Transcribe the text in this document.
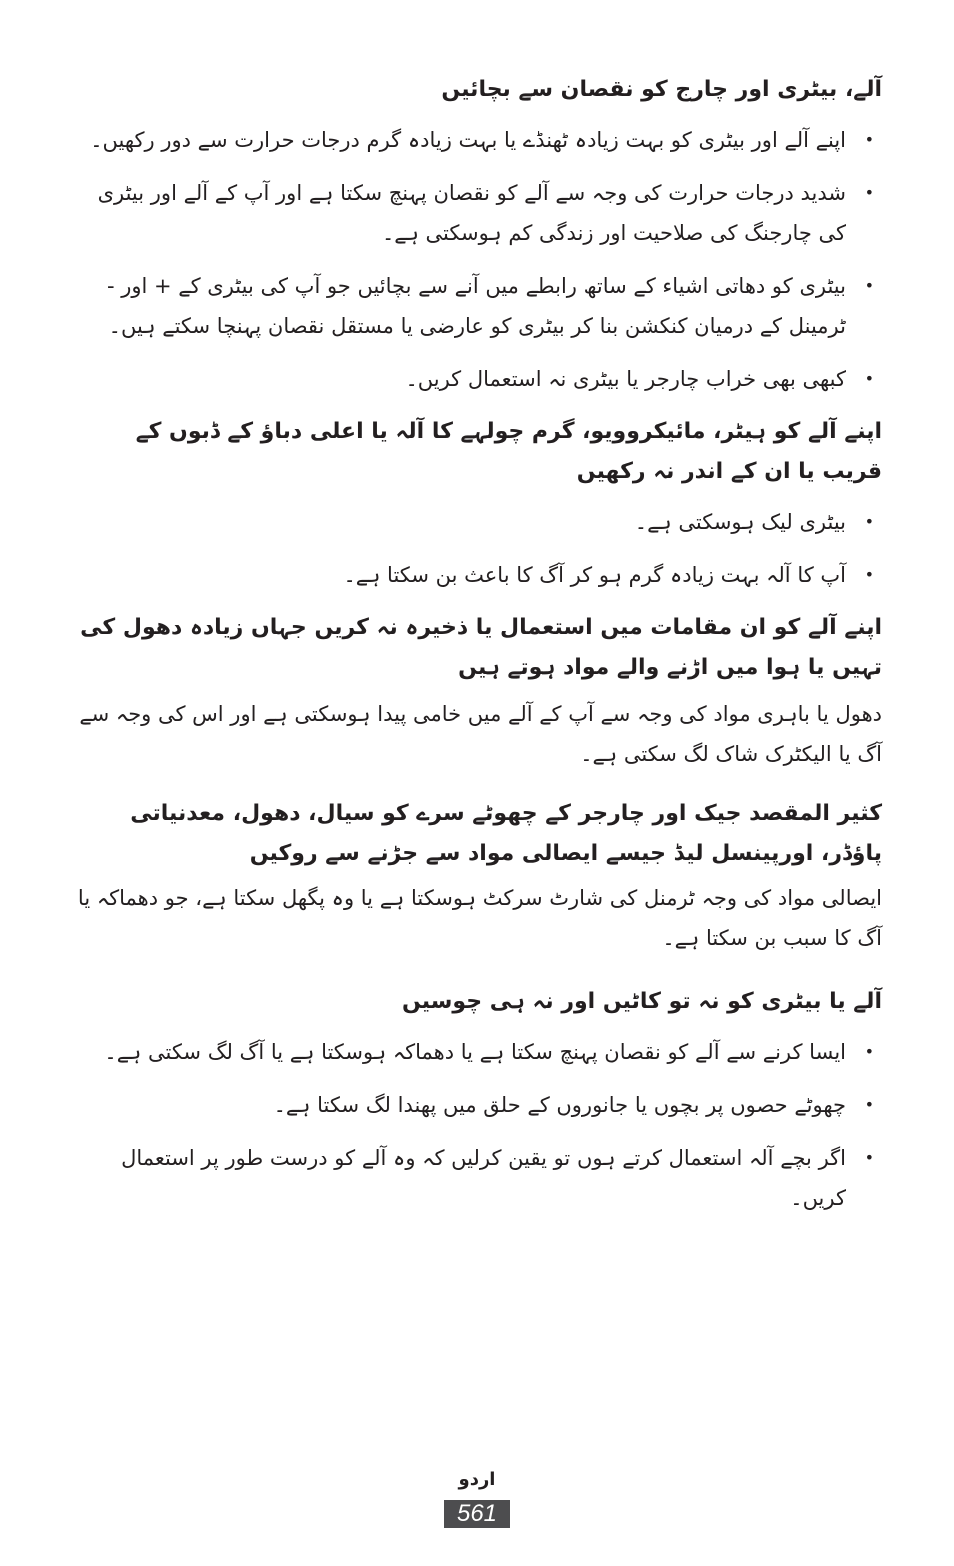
آلے، بیٹری اور چارج کو نقصان سے بچائیں
•
اپنے آلے اور بیٹری کو بہت زیادہ ٹھنڈے یا بہت زیادہ گرم درجات حرارت سے دور رکھیں۔
•
شدید درجات حرارت کی وجہ سے آلے کو نقصان پہنچ سکتا ہے اور آپ کے آلے اور بیٹری کی چارجنگ کی صلاحیت اور زندگی کم ہوسکتی ہے۔
•
بیٹری کو دھاتی اشیاء کے ساتھ رابطے میں آنے سے بچائیں جو آپ کی بیٹری کے + اور - ٹرمینل کے درمیان کنکشن بنا کر بیٹری کو عارضی یا مستقل نقصان پہنچا سکتے ہیں۔
•
کبھی بھی خراب چارجر یا بیٹری نہ استعمال کریں۔
اپنے آلے کو ہیٹر، مائیکروویو، گرم چولہے کا آلہ یا اعلی دباؤ کے ڈبوں کے قریب یا ان کے اندر نہ رکھیں
•
بیٹری لیک ہوسکتی ہے۔
•
آپ کا آلہ بہت زیادہ گرم ہو کر آگ کا باعث بن سکتا ہے۔
اپنے آلے کو ان مقامات میں استعمال یا ذخیرہ نہ کریں جہاں زیادہ دھول کی تہیں یا ہوا میں اڑنے والے مواد ہوتے ہیں

دھول یا باہری مواد کی وجہ سے آپ کے آلے میں خامی پیدا ہوسکتی ہے اور اس کی وجہ سے آگ یا الیکٹرک شاک لگ سکتی ہے۔

کثیر المقصد جیک اور چارجر کے چھوٹے سرے کو سیال، دھول، معدنیاتی پاؤڈر، اورپینسل لیڈ جیسے ایصالی مواد سے جڑنے سے روکیں

ایصالی مواد کی وجہ ٹرمنل کی شارٹ سرکٹ ہوسکتا ہے یا وہ پگھل سکتا ہے، جو دھماکہ یا آگ کا سبب بن سکتا ہے۔

آلے یا بیٹری کو نہ تو کاٹیں اور نہ ہی چوسیں
•
ایسا کرنے سے آلے کو نقصان پہنچ سکتا ہے یا دھماکہ ہوسکتا ہے یا آگ لگ سکتی ہے۔
•
چھوٹے حصوں پر بچوں یا جانوروں کے حلق میں پھندا لگ سکتا ہے۔
•
اگر بچے آلہ استعمال کرتے ہوں تو یقین کرلیں کہ وہ آلے کو درست طور پر استعمال کریں۔
اردو
561
